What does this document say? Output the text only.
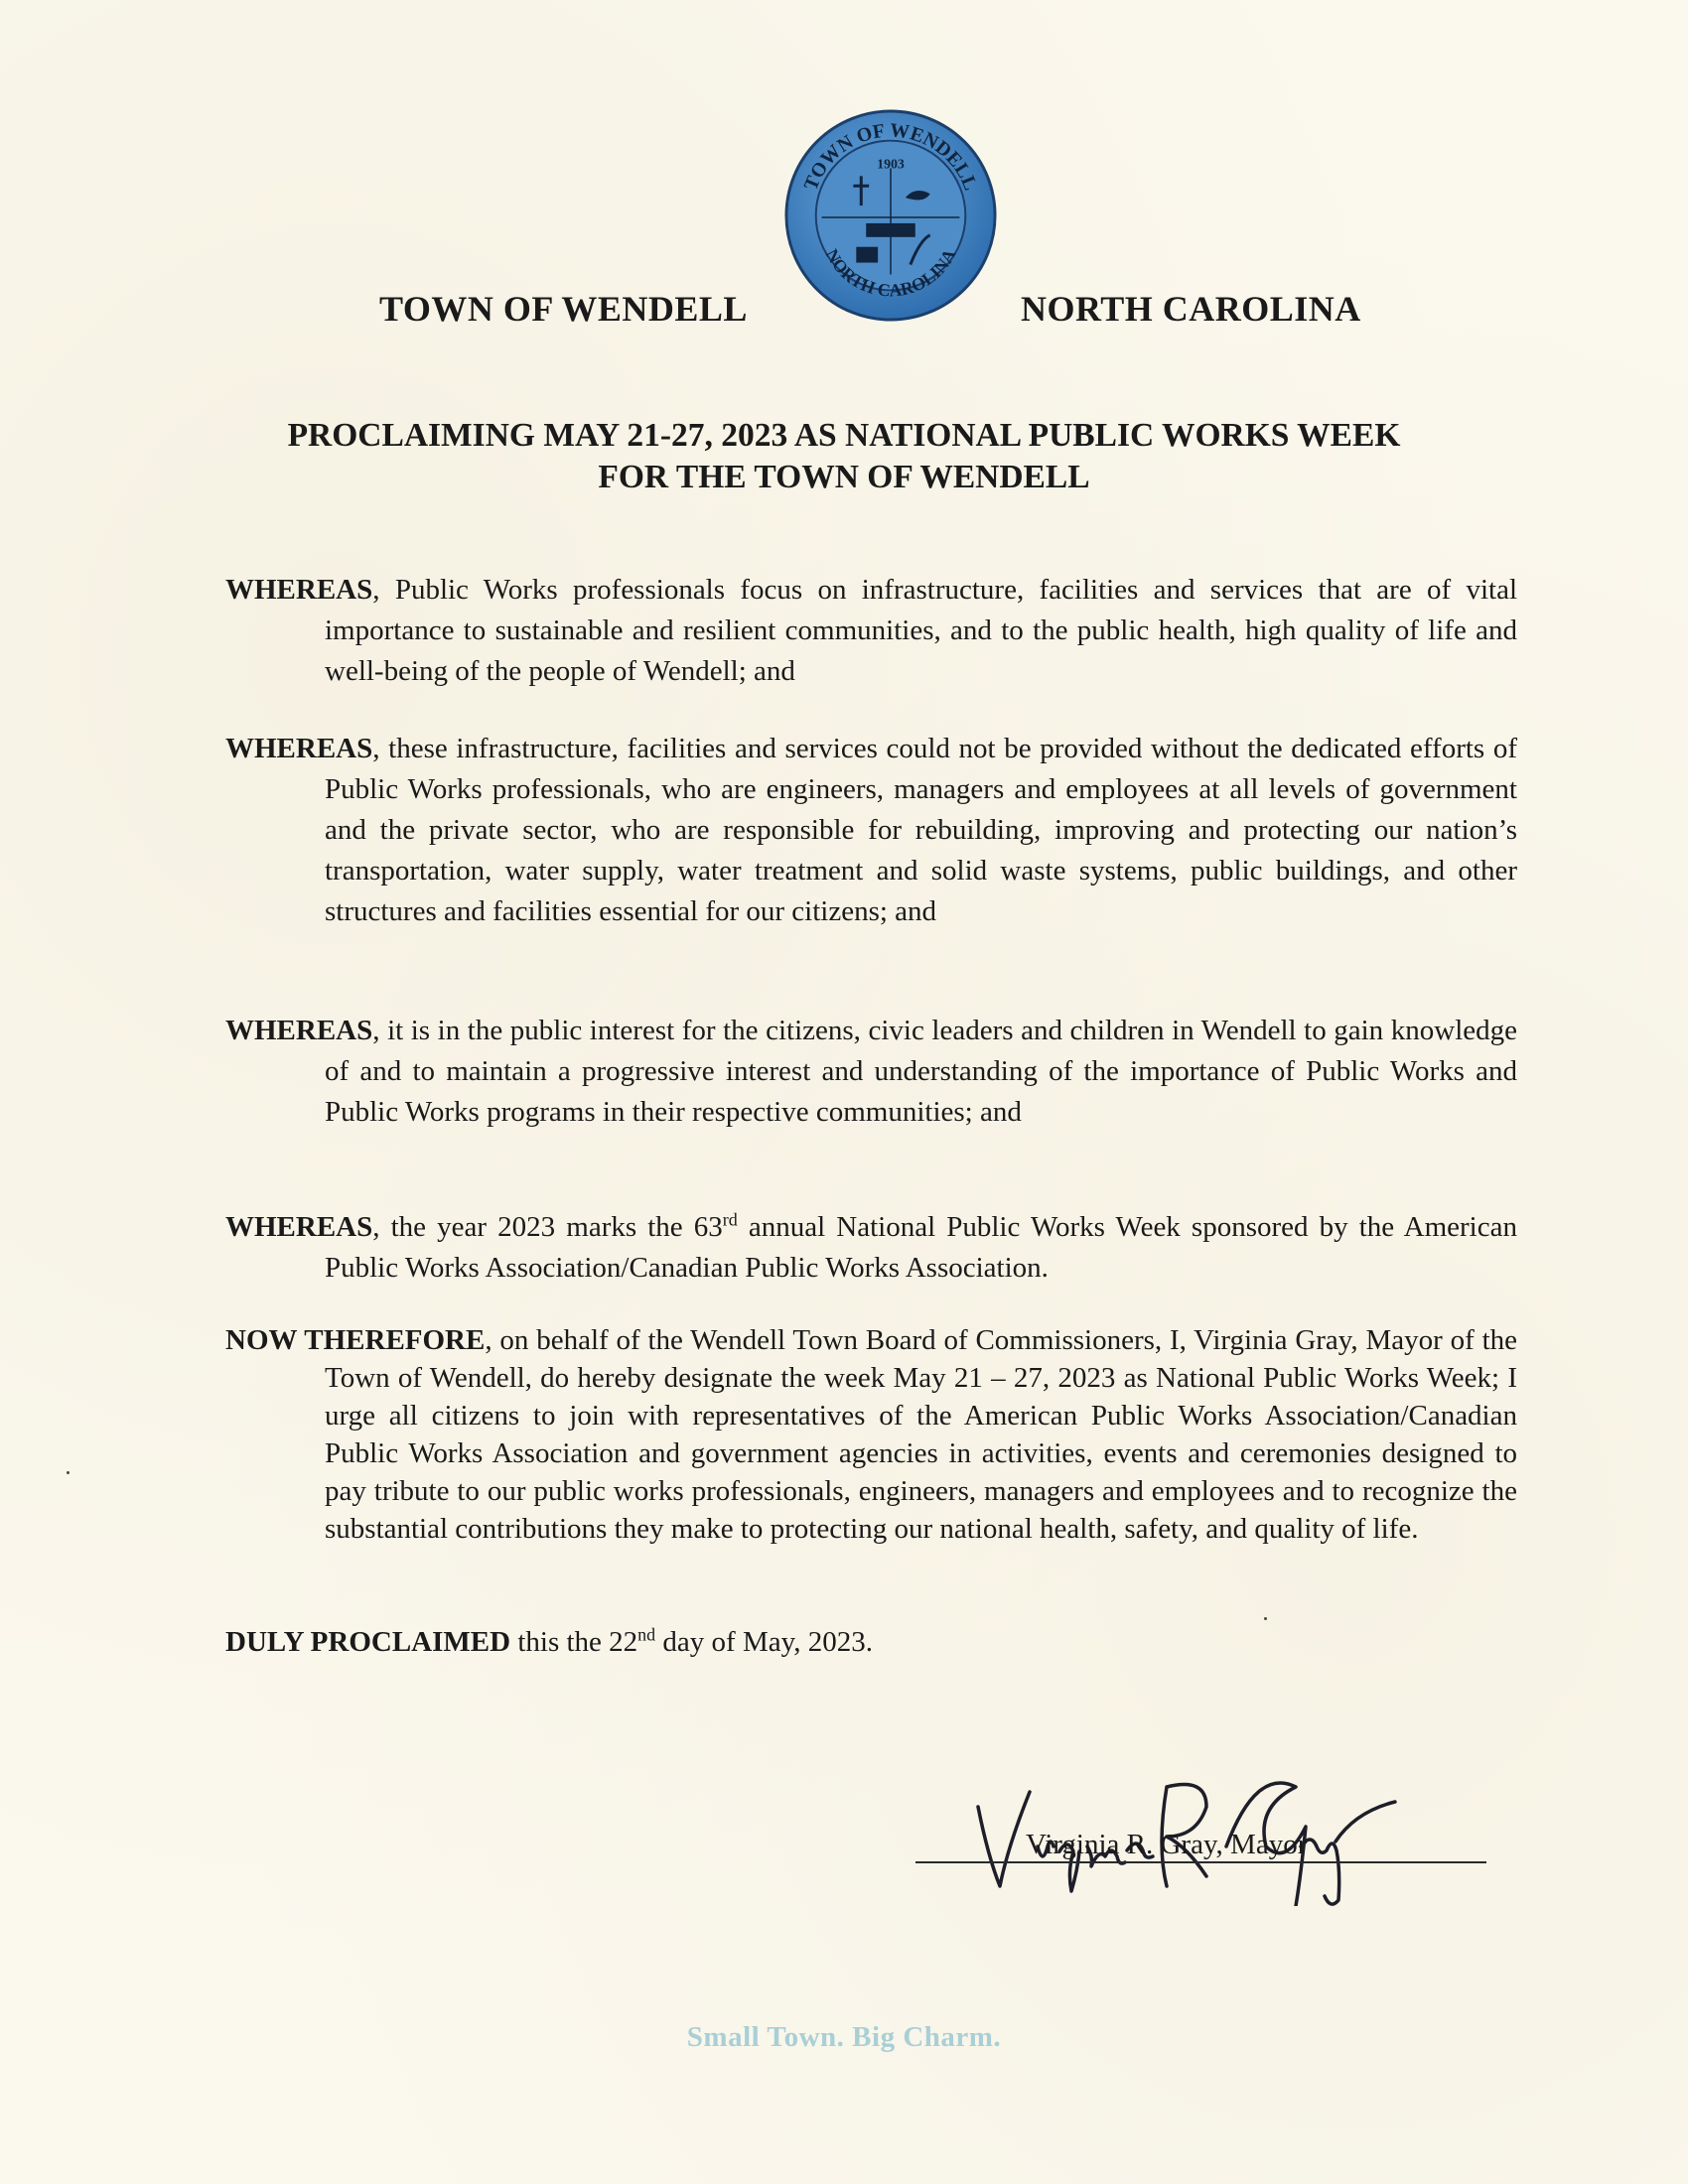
TOWN OF WENDELL
NORTH CAROLINA
1903
TOWN OF WENDELL	NORTH CAROLINA
PROCLAIMING MAY 21-27, 2023 AS NATIONAL PUBLIC WORKS WEEK
FOR THE TOWN OF WENDELL

WHEREAS, Public Works professionals focus on infrastructure, facilities and services that are of vital importance to sustainable and resilient communities, and to the public health, high quality of life and well-being of the people of Wendell; and

WHEREAS, these infrastructure, facilities and services could not be provided without the dedicated efforts of Public Works professionals, who are engineers, managers and employees at all levels of government and the private sector, who are responsible for rebuilding, improving and protecting our nation’s transportation, water supply, water treatment and solid waste systems, public buildings, and other structures and facilities essential for our citizens; and

WHEREAS, it is in the public interest for the citizens, civic leaders and children in Wendell to gain knowledge of and to maintain a progressive interest and understanding of the importance of Public Works and Public Works programs in their respective communities; and

WHEREAS, the year 2023 marks the 63rd annual National Public Works Week sponsored by the American Public Works Association/Canadian Public Works Association.

NOW THEREFORE, on behalf of the Wendell Town Board of Commissioners, I, Virginia Gray, Mayor of the Town of Wendell, do hereby designate the week May 21 – 27, 2023 as National Public Works Week; I urge all citizens to join with representatives of the American Public Works Association/Canadian Public Works Association and government agencies in activities, events and ceremonies designed to pay tribute to our public works professionals, engineers, managers and employees and to recognize the substantial contributions they make to protecting our national health, safety, and quality of life.

DULY PROCLAIMED this the 22nd day of May, 2023.

Virginia R. Gray, Mayor
Small Town. Big Charm.
